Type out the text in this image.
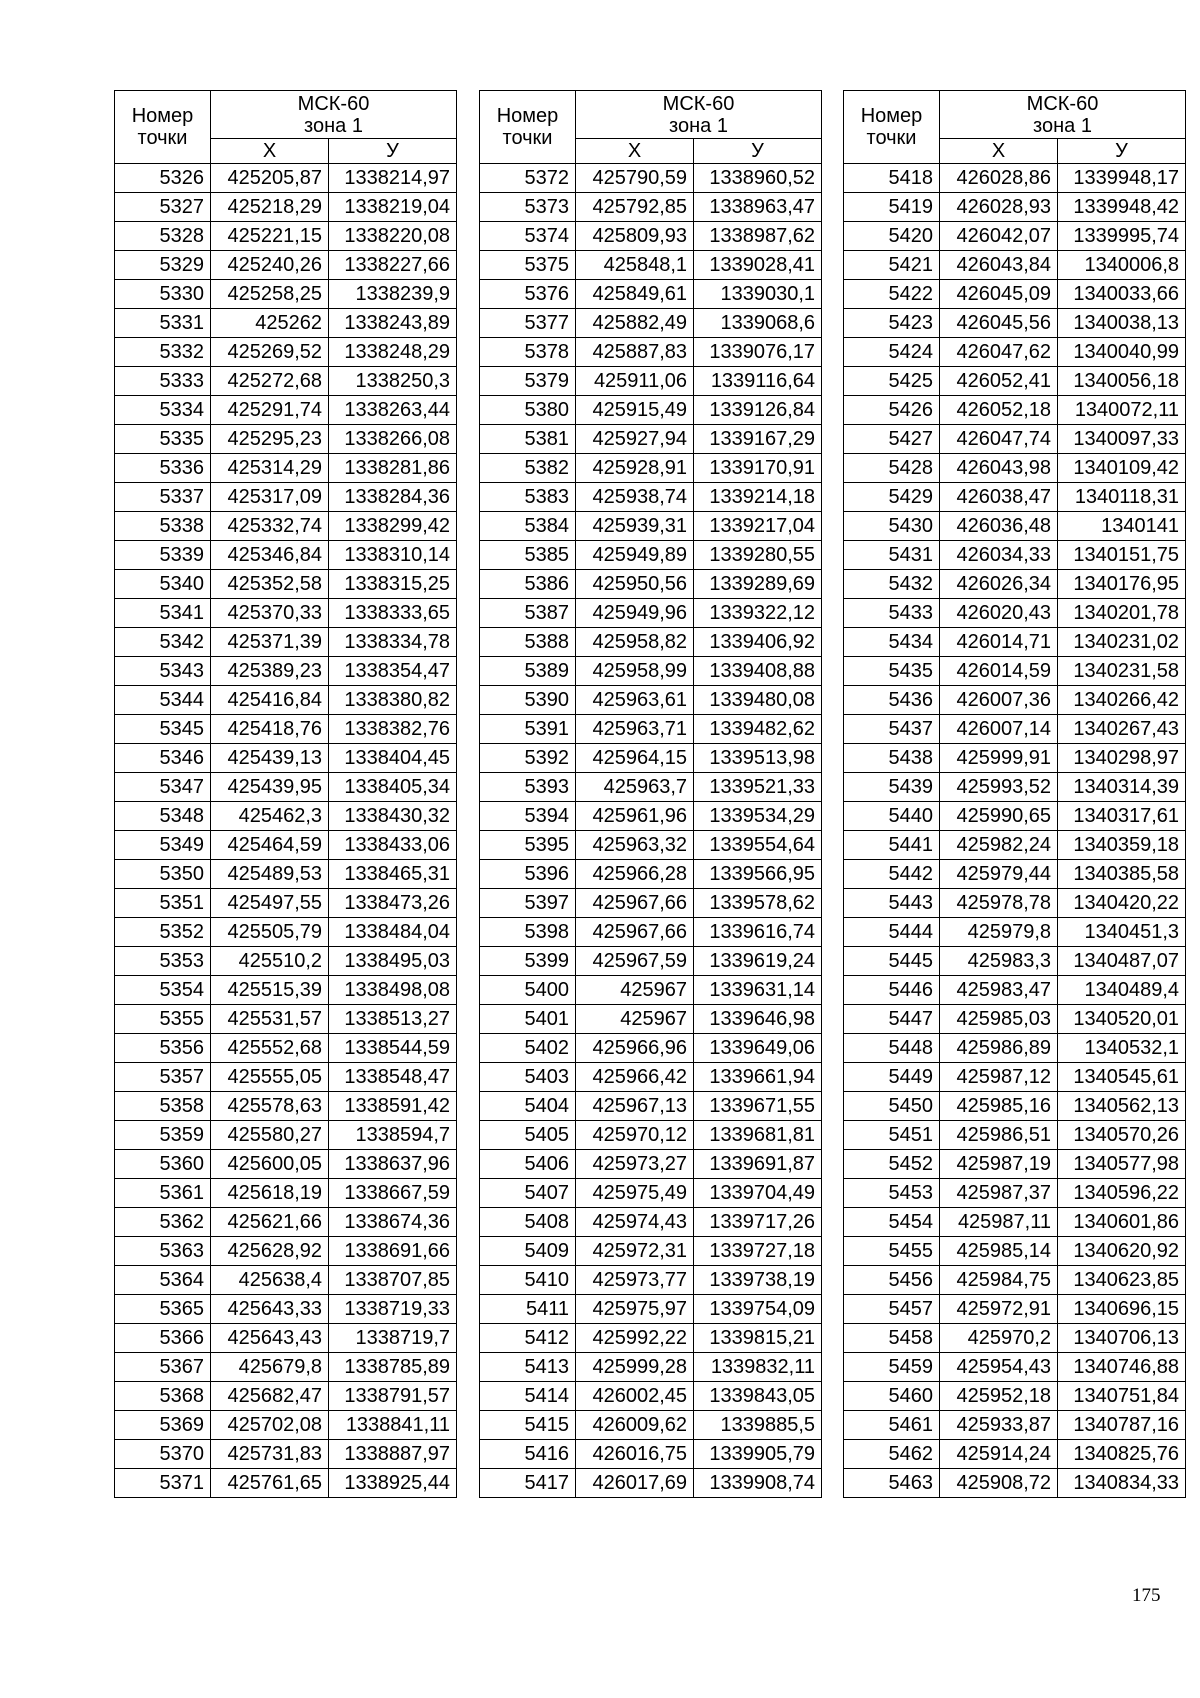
Номер
точки	МСК-60
зона 1	
	Х	У
5326	425205,87	1338214,97
5327	425218,29	1338219,04
5328	425221,15	1338220,08
5329	425240,26	1338227,66
5330	425258,25	1338239,9
5331	425262	1338243,89
5332	425269,52	1338248,29
5333	425272,68	1338250,3
5334	425291,74	1338263,44
5335	425295,23	1338266,08
5336	425314,29	1338281,86
5337	425317,09	1338284,36
5338	425332,74	1338299,42
5339	425346,84	1338310,14
5340	425352,58	1338315,25
5341	425370,33	1338333,65
5342	425371,39	1338334,78
5343	425389,23	1338354,47
5344	425416,84	1338380,82
5345	425418,76	1338382,76
5346	425439,13	1338404,45
5347	425439,95	1338405,34
5348	425462,3	1338430,32
5349	425464,59	1338433,06
5350	425489,53	1338465,31
5351	425497,55	1338473,26
5352	425505,79	1338484,04
5353	425510,2	1338495,03
5354	425515,39	1338498,08
5355	425531,57	1338513,27
5356	425552,68	1338544,59
5357	425555,05	1338548,47
5358	425578,63	1338591,42
5359	425580,27	1338594,7
5360	425600,05	1338637,96
5361	425618,19	1338667,59
5362	425621,66	1338674,36
5363	425628,92	1338691,66
5364	425638,4	1338707,85
5365	425643,33	1338719,33
5366	425643,43	1338719,7
5367	425679,8	1338785,89
5368	425682,47	1338791,57
5369	425702,08	1338841,11
5370	425731,83	1338887,97
5371	425761,65	1338925,44
Номер
точки	МСК-60
зона 1	
	Х	У
5372	425790,59	1338960,52
5373	425792,85	1338963,47
5374	425809,93	1338987,62
5375	425848,1	1339028,41
5376	425849,61	1339030,1
5377	425882,49	1339068,6
5378	425887,83	1339076,17
5379	425911,06	1339116,64
5380	425915,49	1339126,84
5381	425927,94	1339167,29
5382	425928,91	1339170,91
5383	425938,74	1339214,18
5384	425939,31	1339217,04
5385	425949,89	1339280,55
5386	425950,56	1339289,69
5387	425949,96	1339322,12
5388	425958,82	1339406,92
5389	425958,99	1339408,88
5390	425963,61	1339480,08
5391	425963,71	1339482,62
5392	425964,15	1339513,98
5393	425963,7	1339521,33
5394	425961,96	1339534,29
5395	425963,32	1339554,64
5396	425966,28	1339566,95
5397	425967,66	1339578,62
5398	425967,66	1339616,74
5399	425967,59	1339619,24
5400	425967	1339631,14
5401	425967	1339646,98
5402	425966,96	1339649,06
5403	425966,42	1339661,94
5404	425967,13	1339671,55
5405	425970,12	1339681,81
5406	425973,27	1339691,87
5407	425975,49	1339704,49
5408	425974,43	1339717,26
5409	425972,31	1339727,18
5410	425973,77	1339738,19
5411	425975,97	1339754,09
5412	425992,22	1339815,21
5413	425999,28	1339832,11
5414	426002,45	1339843,05
5415	426009,62	1339885,5
5416	426016,75	1339905,79
5417	426017,69	1339908,74
Номер
точки	МСК-60
зона 1	
	Х	У
5418	426028,86	1339948,17
5419	426028,93	1339948,42
5420	426042,07	1339995,74
5421	426043,84	1340006,8
5422	426045,09	1340033,66
5423	426045,56	1340038,13
5424	426047,62	1340040,99
5425	426052,41	1340056,18
5426	426052,18	1340072,11
5427	426047,74	1340097,33
5428	426043,98	1340109,42
5429	426038,47	1340118,31
5430	426036,48	1340141
5431	426034,33	1340151,75
5432	426026,34	1340176,95
5433	426020,43	1340201,78
5434	426014,71	1340231,02
5435	426014,59	1340231,58
5436	426007,36	1340266,42
5437	426007,14	1340267,43
5438	425999,91	1340298,97
5439	425993,52	1340314,39
5440	425990,65	1340317,61
5441	425982,24	1340359,18
5442	425979,44	1340385,58
5443	425978,78	1340420,22
5444	425979,8	1340451,3
5445	425983,3	1340487,07
5446	425983,47	1340489,4
5447	425985,03	1340520,01
5448	425986,89	1340532,1
5449	425987,12	1340545,61
5450	425985,16	1340562,13
5451	425986,51	1340570,26
5452	425987,19	1340577,98
5453	425987,37	1340596,22
5454	425987,11	1340601,86
5455	425985,14	1340620,92
5456	425984,75	1340623,85
5457	425972,91	1340696,15
5458	425970,2	1340706,13
5459	425954,43	1340746,88
5460	425952,18	1340751,84
5461	425933,87	1340787,16
5462	425914,24	1340825,76
5463	425908,72	1340834,33
175
